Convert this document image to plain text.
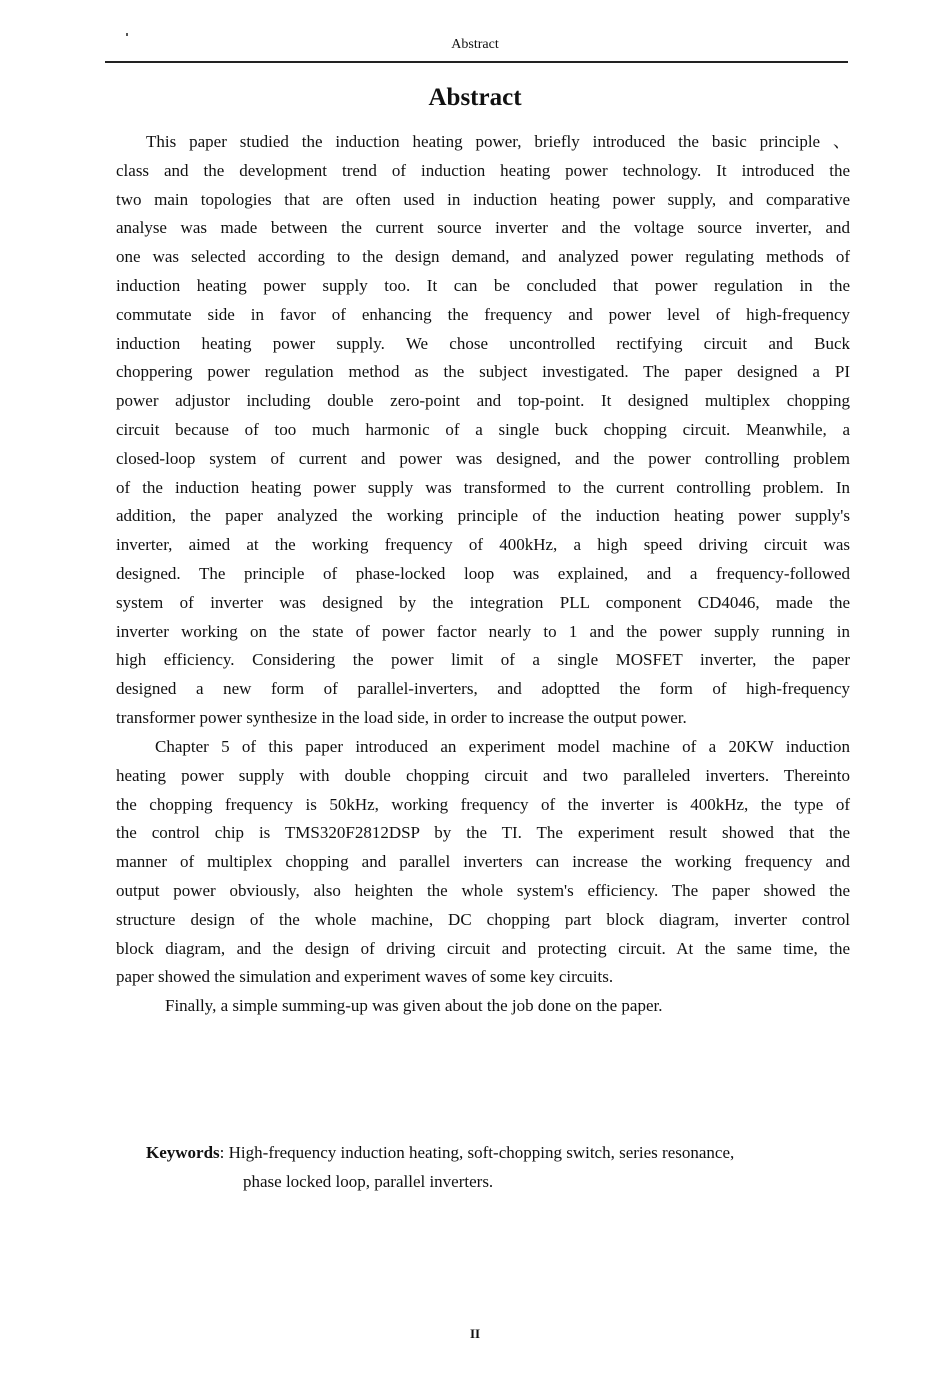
Abstract
Abstract
This paper studied the induction heating power, briefly introduced the basic principle 、
class and the development trend of induction heating power technology. It introduced the
two main topologies that are often used in induction heating power supply, and comparative
analyse was made between the current source inverter and the voltage source inverter, and
one was selected according to the design demand, and analyzed power regulating methods of
induction heating power supply too. It can be concluded that power regulation in the
commutate side in favor of enhancing the frequency and power level of high-frequency
induction heating power supply. We chose uncontrolled rectifying circuit and Buck
choppering power regulation method as the subject investigated. The paper designed a PI
power adjustor including double zero-point and top-point. It designed multiplex chopping
circuit because of too much harmonic of a single buck chopping circuit. Meanwhile, a
closed-loop system of current and power was designed, and the power controlling problem
of the induction heating power supply was transformed to the current controlling problem. In
addition, the paper analyzed the working principle of the induction heating power supply's
inverter, aimed at the working frequency of 400kHz, a high speed driving circuit was
designed. The principle of phase-locked loop was explained, and a frequency-followed
system of inverter was designed by the integration PLL component CD4046, made the
inverter working on the state of power factor nearly to 1 and the power supply running in
high efficiency. Considering the power limit of a single MOSFET inverter, the paper
designed a new form of parallel-inverters, and adoptted the form of high-frequency
transformer power synthesize in the load side, in order to increase the output power.
Chapter 5 of this paper introduced an experiment model machine of a 20KW induction
heating power supply with double chopping circuit and two paralleled inverters. Thereinto
the chopping frequency is 50kHz, working frequency of the inverter is 400kHz, the type of
the control chip is TMS320F2812DSP by the TI. The experiment result showed that the
manner of multiplex chopping and parallel inverters can increase the working frequency and
output power obviously, also heighten the whole system's efficiency. The paper showed the
structure design of the whole machine, DC chopping part block diagram, inverter control
block diagram, and the design of driving circuit and protecting circuit. At the same time, the
paper showed the simulation and experiment waves of some key circuits.
Finally, a simple summing-up was given about the job done on the paper.
Keywords: High-frequency induction heating, soft-chopping switch, series resonance,
phase locked loop, parallel inverters.
II
